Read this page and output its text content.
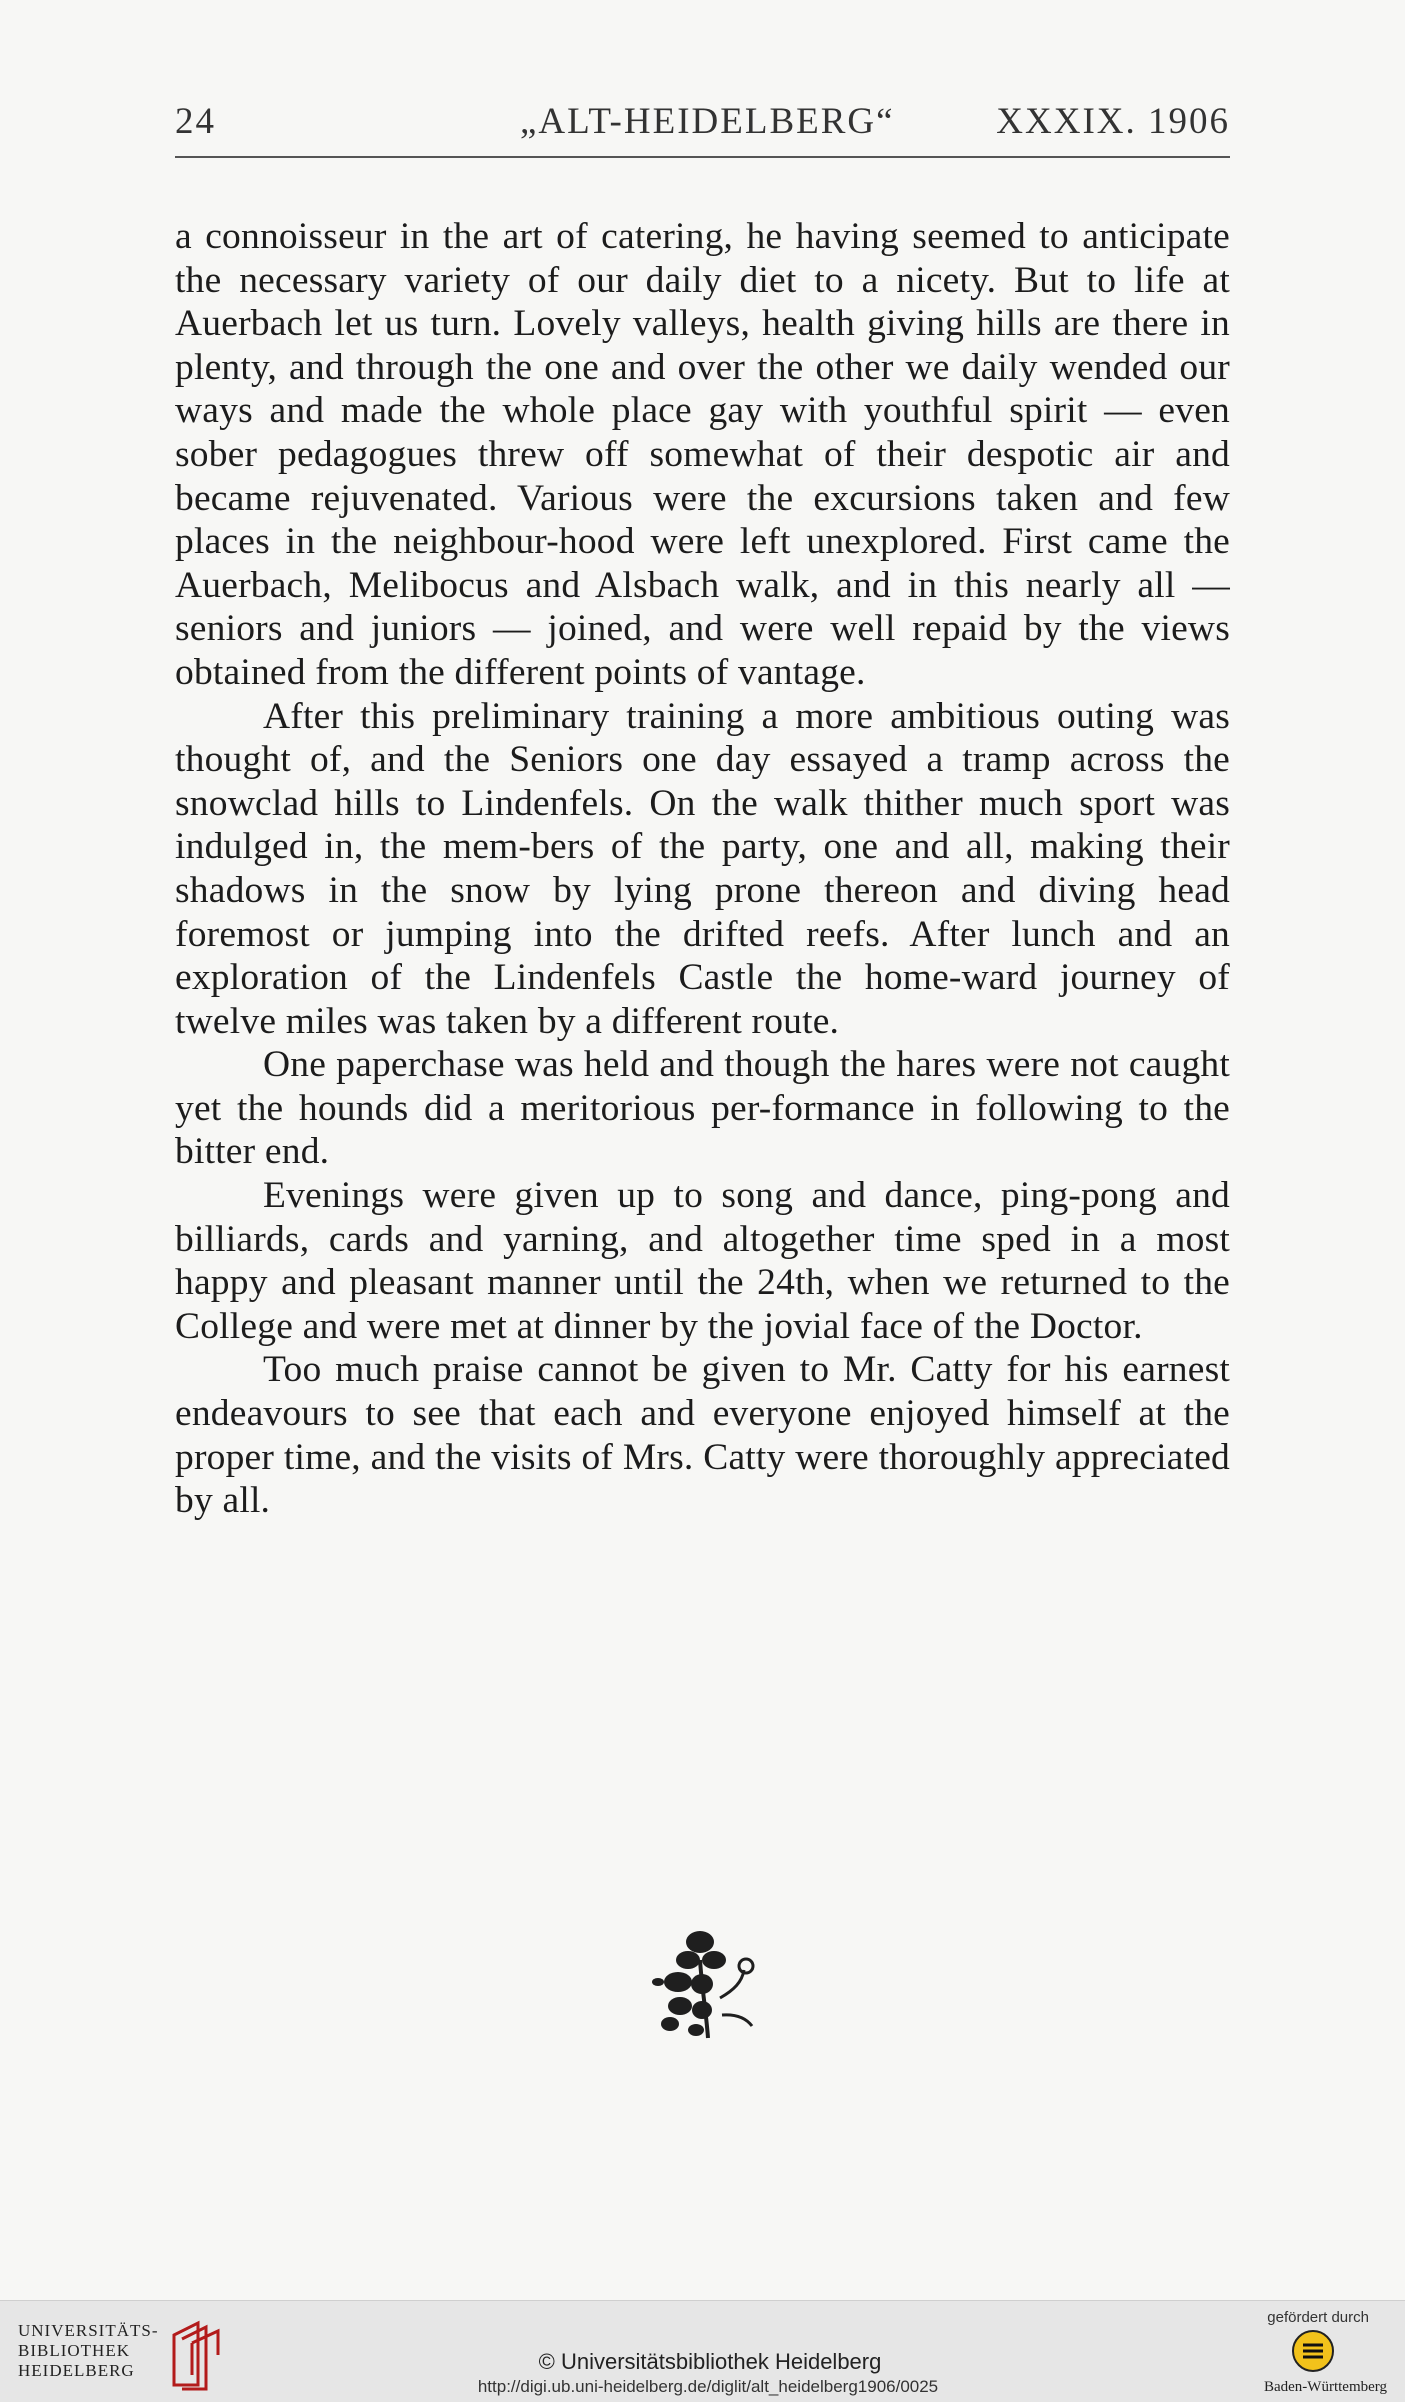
24	„ALT-HEIDELBERG“	XXXIX. 1906

a connoisseur in the art of catering, he having seemed to anticipate the necessary variety of our daily diet to a nicety. But to life at Auerbach let us turn. Lovely valleys, health giving hills are there in plenty, and through the one and over the other we daily wended our ways and made the whole place gay with youthful spirit — even sober pedagogues threw off somewhat of their despotic air and became rejuvenated. Various were the excursions taken and few places in the neighbour-hood were left unexplored. First came the Auerbach, Melibocus and Alsbach walk, and in this nearly all — seniors and juniors — joined, and were well repaid by the views obtained from the different points of vantage.

After this preliminary training a more ambitious outing was thought of, and the Seniors one day essayed a tramp across the snowclad hills to Lindenfels. On the walk thither much sport was indulged in, the mem-bers of the party, one and all, making their shadows in the snow by lying prone thereon and diving head foremost or jumping into the drifted reefs. After lunch and an exploration of the Lindenfels Castle the home-ward journey of twelve miles was taken by a different route.

One paperchase was held and though the hares were not caught yet the hounds did a meritorious per-formance in following to the bitter end.

Evenings were given up to song and dance, ping-pong and billiards, cards and yarning, and altogether time sped in a most happy and pleasant manner until the 24th, when we returned to the College and were met at dinner by the jovial face of the Doctor.

Too much praise cannot be given to Mr. Catty for his earnest endeavours to see that each and everyone enjoyed himself at the proper time, and the visits of Mrs. Catty were thoroughly appreciated by all.

UNIVERSITÄTS-
BIBLIOTHEK
HEIDELBERG	© Universitätsbibliothek Heidelberg
http://digi.ub.uni-heidelberg.de/diglit/alt_heidelberg1906/0025
gefördert durch
Baden-Württemberg
